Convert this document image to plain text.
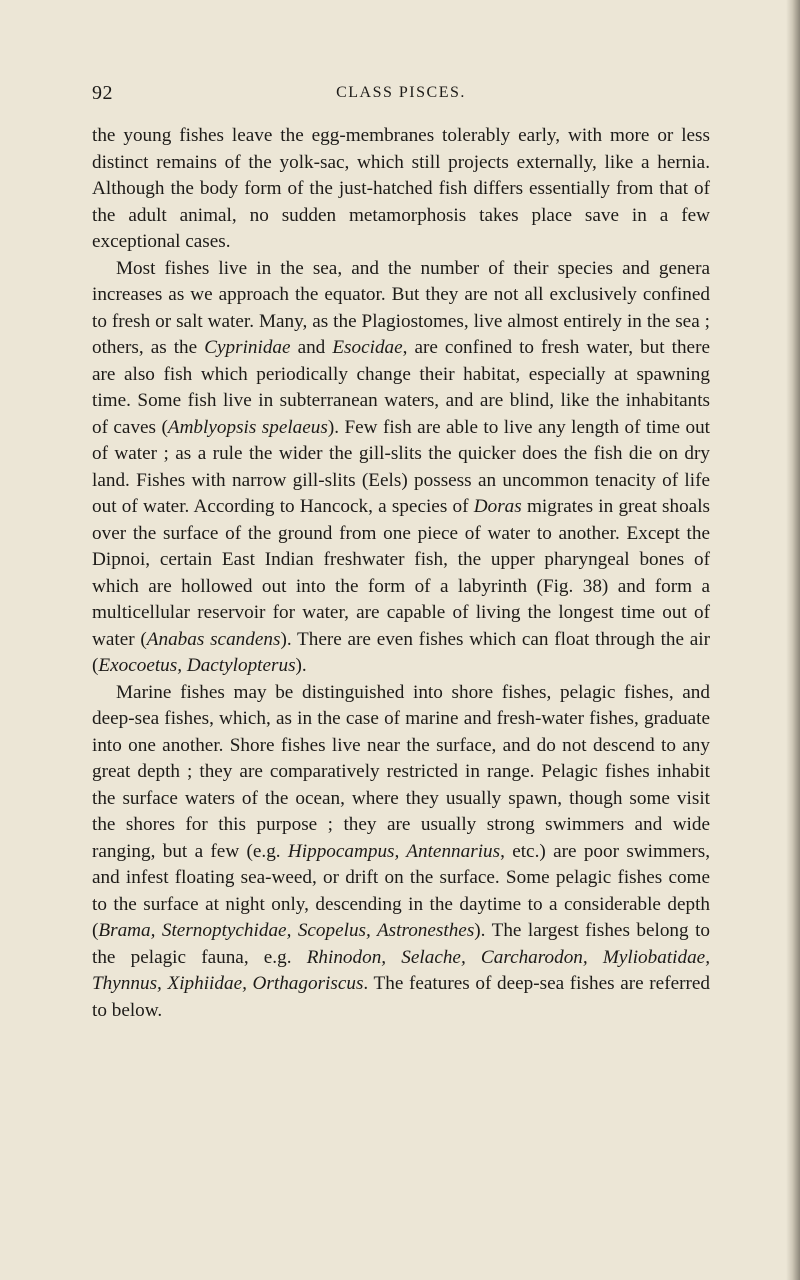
92	CLASS PISCES.

the young fishes leave the egg-membranes tolerably early, with more or less distinct remains of the yolk-sac, which still projects externally, like a hernia. Although the body form of the just-hatched fish differs essentially from that of the adult animal, no sudden metamorphosis takes place save in a few exceptional cases.

Most fishes live in the sea, and the number of their species and genera increases as we approach the equator. But they are not all exclusively confined to fresh or salt water. Many, as the Plagiostomes, live almost entirely in the sea ; others, as the Cyprinidae and Esocidae, are confined to fresh water, but there are also fish which periodically change their habitat, especially at spawning time. Some fish live in subterranean waters, and are blind, like the inhabitants of caves (Amblyopsis spelaeus). Few fish are able to live any length of time out of water ; as a rule the wider the gill-slits the quicker does the fish die on dry land. Fishes with narrow gill-slits (Eels) possess an uncommon tenacity of life out of water. According to Hancock, a species of Doras migrates in great shoals over the surface of the ground from one piece of water to another. Except the Dipnoi, certain East Indian freshwater fish, the upper pharyngeal bones of which are hollowed out into the form of a labyrinth (Fig. 38) and form a multicellular reservoir for water, are capable of living the longest time out of water (Anabas scandens). There are even fishes which can float through the air (Exocoetus, Dactylopterus).

Marine fishes may be distinguished into shore fishes, pelagic fishes, and deep-sea fishes, which, as in the case of marine and fresh-water fishes, graduate into one another. Shore fishes live near the surface, and do not descend to any great depth ; they are comparatively restricted in range. Pelagic fishes inhabit the surface waters of the ocean, where they usually spawn, though some visit the shores for this purpose ; they are usually strong swimmers and wide ranging, but a few (e.g. Hippocampus, Antennarius, etc.) are poor swimmers, and infest floating sea-weed, or drift on the surface. Some pelagic fishes come to the surface at night only, descending in the daytime to a considerable depth (Brama, Sternoptychidae, Scopelus, Astronesthes). The largest fishes belong to the pelagic fauna, e.g. Rhinodon, Selache, Carcharodon, Myliobatidae, Thynnus, Xiphiidae, Orthagoriscus. The features of deep-sea fishes are referred to below.
